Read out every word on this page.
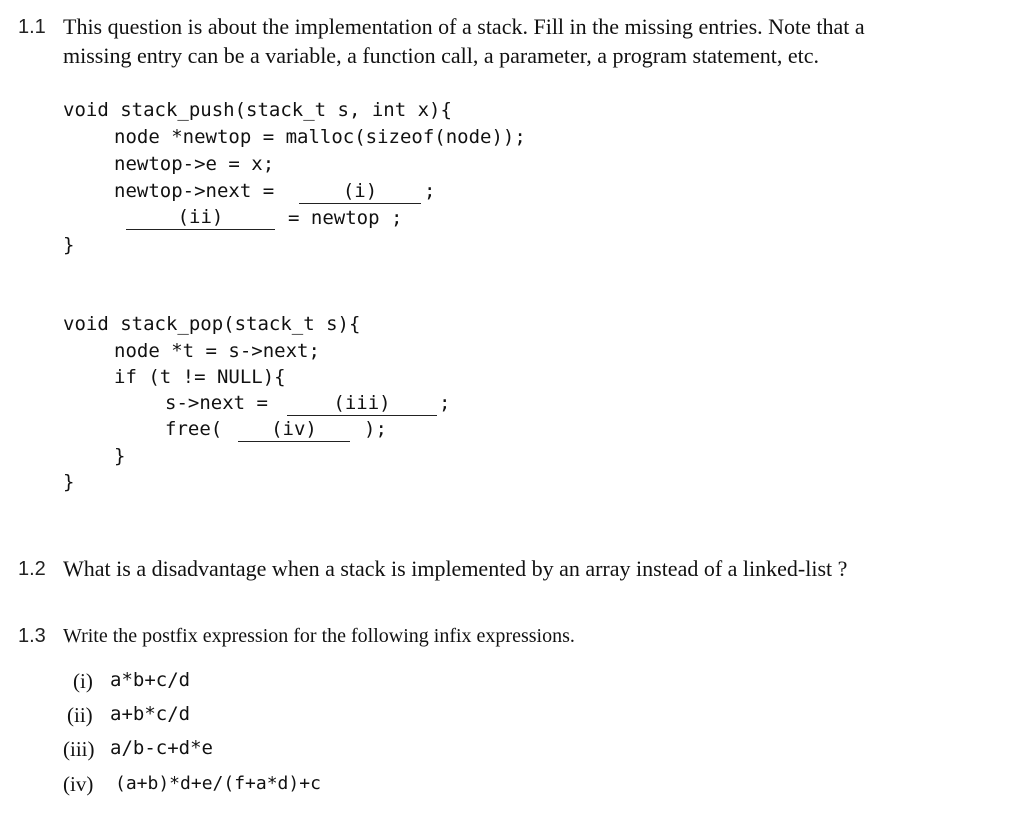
1.1 This question is about the implementation of a stack. Fill in the missing entries. Note that a
missing entry can be a variable, a function call, a parameter, a program statement, etc.
void stack_push(stack_t s, int x){
node *newtop = malloc(sizeof(node));
newtop->e = x;
newtop->next =	(i)	;
(ii)	= newtop ;
}
void stack_pop(stack_t s){
node *t = s->next;
if (t != NULL){
s->next =	(iii)	;
free(	(iv)	);
}
}
1.2 What is a disadvantage when a stack is implemented by an array instead of a linked-list ?
1.3 Write the postfix expression for the following infix expressions.
(i) a*b+c/d
(ii) a+b*c/d
(iii) a/b-c+d*e
(iv) (a+b)*d+e/(f+a*d)+c
